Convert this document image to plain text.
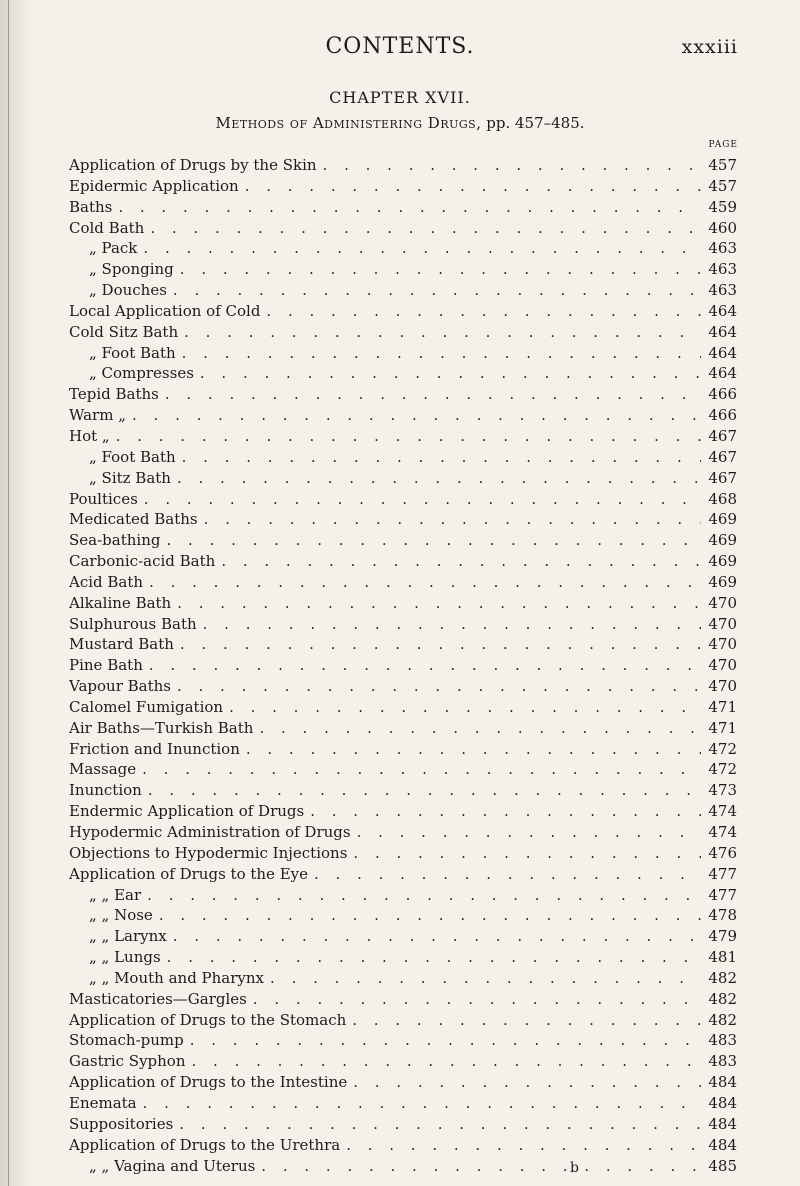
CONTENTS.	xxxiii
CHAPTER XVII.
Methods of Administering Drugs, pp. 457–485.
PAGE
Application of Drugs by the Skin . . .	457
Epidermic Application . . .	457
Baths . . .	459
Cold Bath . . .	460
„ Pack . . .	463
„ Sponging . . .	463
„ Douches . . .	463
Local Application of Cold . . .	464
Cold Sitz Bath . . .	464
„ Foot Bath . . .	464
„ Compresses . . .	464
Tepid Baths . . .	466
Warm „ . . .	466
Hot „ . . .	467
„ Foot Bath . . .	467
„ Sitz Bath . . .	467
Poultices . . .	468
Medicated Baths . . .	469
Sea-bathing . . .	469
Carbonic-acid Bath . . .	469
Acid Bath . . .	469
Alkaline Bath . . .	470
Sulphurous Bath . . .	470
Mustard Bath . . .	470
Pine Bath . . .	470
Vapour Baths . . .	470
Calomel Fumigation . . .	471
Air Baths—Turkish Bath . . .	471
Friction and Inunction . . .	472
Massage . . .	472
Inunction . . .	473
Endermic Application of Drugs . . .	474
Hypodermic Administration of Drugs . . .	474
Objections to Hypodermic Injections . . .	476
Application of Drugs to the Eye . . .	477
„ „ Ear . . .	477
„ „ Nose . . .	478
„ „ Larynx . . .	479
„ „ Lungs . . .	481
„ „ Mouth and Pharynx . . .	482
Masticatories—Gargles . . .	482
Application of Drugs to the Stomach . . .	482
Stomach-pump . . .	483
Gastric Syphon . . .	483
Application of Drugs to the Intestine . . .	484
Enemata . . .	484
Suppositories . . .	484
Application of Drugs to the Urethra . . .	484
„ „ Vagina and Uterus . . .	485
b
